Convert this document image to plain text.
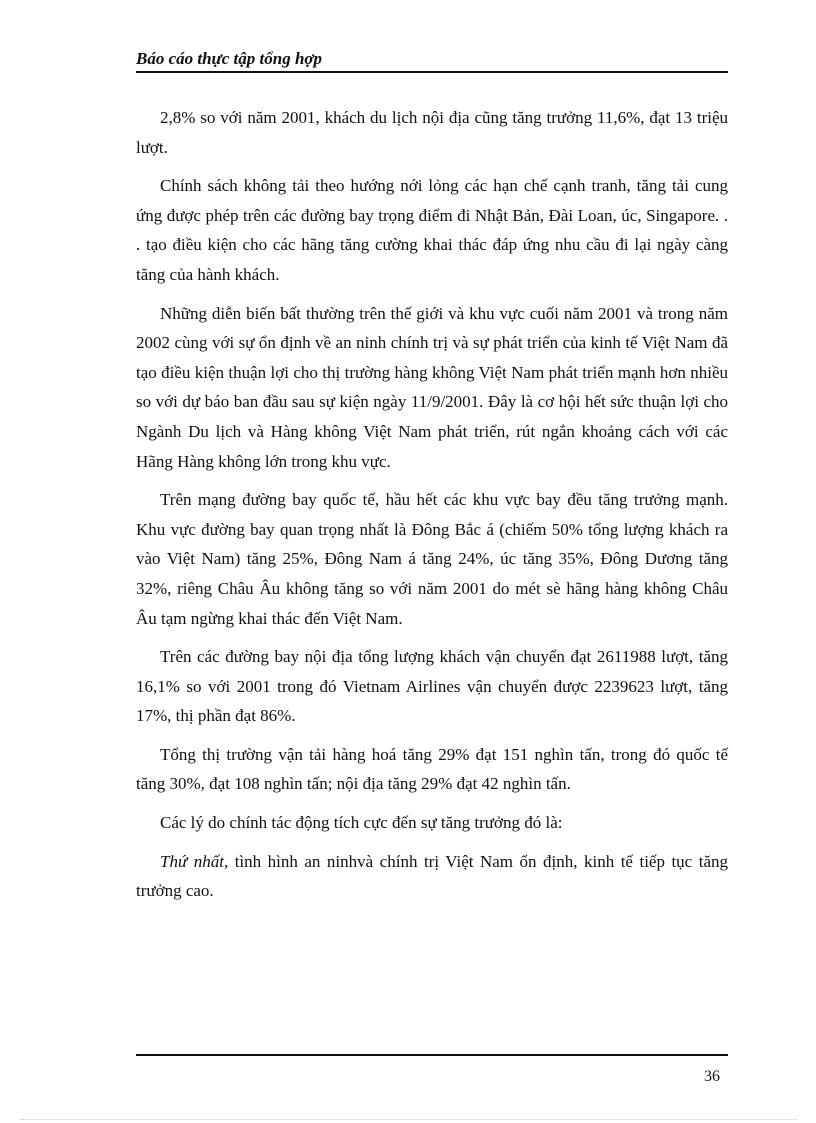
Báo cáo thực tập tổng hợp

2,8% so với năm 2001, khách du lịch nội địa cũng tăng trưởng 11,6%, đạt 13 triệu lượt.

Chính sách không tải theo hướng nới lỏng các hạn chế cạnh tranh, tăng tải cung ứng được phép trên các đường bay trọng điểm đi Nhật Bản, Đài Loan, úc, Singapore. . . tạo điều kiện cho các hãng tăng cường khai thác đáp ứng nhu cầu đi lại ngày càng tăng của hành khách.

Những diễn biến bất thường trên thế giới và khu vực cuối năm 2001 và trong năm 2002 cùng với sự ổn định về an ninh chính trị và sự phát triển của kinh tế Việt Nam đã tạo điều kiện thuận lợi cho thị trường hàng không Việt Nam phát triển mạnh hơn nhiều so với dự báo ban đầu sau sự kiện ngày 11/9/2001. Đây là cơ hội hết sức thuận lợi cho Ngành Du lịch và Hàng không Việt Nam phát triển, rút ngắn khoảng cách với các Hãng Hàng không lớn trong khu vực.

Trên mạng đường bay quốc tế, hầu hết các khu vực bay đều tăng trưởng mạnh. Khu vực đường bay quan trọng nhất là Đông Bắc á (chiếm 50% tổng lượng khách ra vào Việt Nam) tăng 25%, Đông Nam á tăng 24%, úc tăng 35%, Đông Dương tăng 32%, riêng Châu Âu không tăng so với năm 2001 do mét sè hãng hàng không Châu Âu tạm ngừng khai thác đến Việt Nam.

Trên các đường bay nội địa tổng lượng khách vận chuyển đạt 2611988 lượt, tăng 16,1% so với 2001 trong đó Vietnam Airlines vận chuyển được 2239623 lượt, tăng 17%, thị phần đạt 86%.

Tổng thị trường vận tải hàng hoá tăng 29% đạt 151 nghìn tấn, trong đó quốc tế tăng 30%, đạt 108 nghìn tấn; nội địa tăng 29% đạt 42 nghìn tấn.

Các lý do chính tác động tích cực đến sự tăng trưởng đó là:

Thứ nhất, tình hình an ninhvà chính trị Việt Nam ổn định, kinh tế tiếp tục tăng trưởng cao.

36
